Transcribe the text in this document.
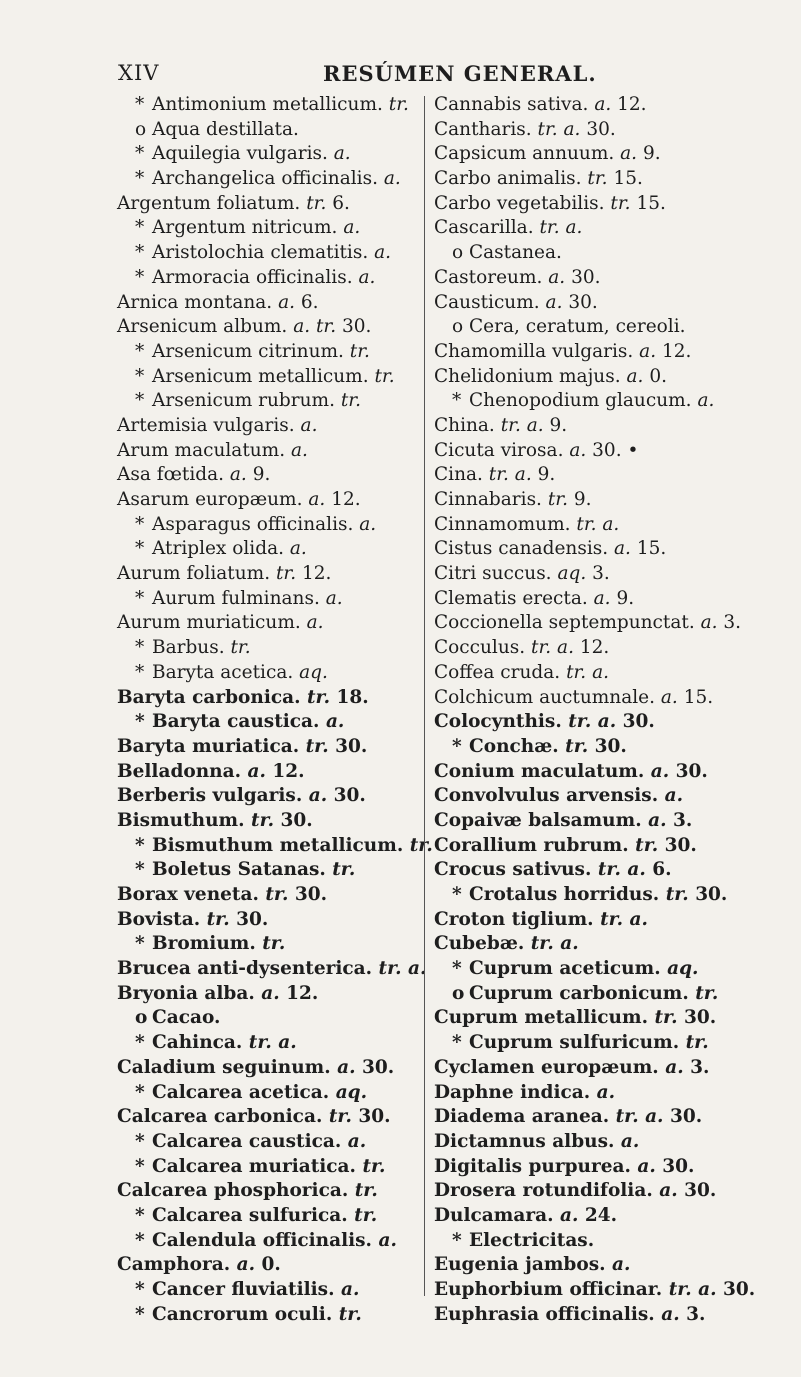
XIV	RESÚMEN GENERAL.
* Antimonium metallicum. tr.
o Aqua destillata.
* Aquilegia vulgaris. a.
* Archangelica officinalis. a.
Argentum foliatum. tr. 6.
* Argentum nitricum. a.
* Aristolochia clematitis. a.
* Armoracia officinalis. a.
Arnica montana. a. 6.
Arsenicum album. a. tr. 30.
* Arsenicum citrinum. tr.
* Arsenicum metallicum. tr.
* Arsenicum rubrum. tr.
Artemisia vulgaris. a.
Arum maculatum. a.
Asa fœtida. a. 9.
Asarum europæum. a. 12.
* Asparagus officinalis. a.
* Atriplex olida. a.
Aurum foliatum. tr. 12.
* Aurum fulminans. a.
Aurum muriaticum. a.
* Barbus. tr.
* Baryta acetica. aq.
Baryta carbonica. tr. 18.
* Baryta caustica. a.
Baryta muriatica. tr. 30.
Belladonna. a. 12.
Berberis vulgaris. a. 30.
Bismuthum. tr. 30.
* Bismuthum metallicum. tr.
* Boletus Satanas. tr.
Borax veneta. tr. 30.
Bovista. tr. 30.
* Bromium. tr.
Brucea anti-dysenterica. tr. a.
Bryonia alba. a. 12.
o Cacao.
* Cahinca. tr. a.
Caladium seguinum. a. 30.
* Calcarea acetica. aq.
Calcarea carbonica. tr. 30.
* Calcarea caustica. a.
* Calcarea muriatica. tr.
Calcarea phosphorica. tr.
* Calcarea sulfurica. tr.
* Calendula officinalis. a.
Camphora. a. 0.
* Cancer fluviatilis. a.
* Cancrorum oculi. tr.
Cannabis sativa. a. 12.
Cantharis. tr. a. 30.
Capsicum annuum. a. 9.
Carbo animalis. tr. 15.
Carbo vegetabilis. tr. 15.
Cascarilla. tr. a.
o Castanea.
Castoreum. a. 30.
Causticum. a. 30.
o Cera, ceratum, cereoli.
Chamomilla vulgaris. a. 12.
Chelidonium majus. a. 0.
* Chenopodium glaucum. a.
China. tr. a. 9.
Cicuta virosa. a. 30. •
Cina. tr. a. 9.
Cinnabaris. tr. 9.
Cinnamomum. tr. a.
Cistus canadensis. a. 15.
Citri succus. aq. 3.
Clematis erecta. a. 9.
Coccionella septempunctat. a. 3.
Cocculus. tr. a. 12.
Coffea cruda. tr. a.
Colchicum auctumnale. a. 15.
Colocynthis. tr. a. 30.
* Conchæ. tr. 30.
Conium maculatum. a. 30.
Convolvulus arvensis. a.
Copaivæ balsamum. a. 3.
Corallium rubrum. tr. 30.
Crocus sativus. tr. a. 6.
* Crotalus horridus. tr. 30.
Croton tiglium. tr. a.
Cubebæ. tr. a.
* Cuprum aceticum. aq.
o Cuprum carbonicum. tr.
Cuprum metallicum. tr. 30.
* Cuprum sulfuricum. tr.
Cyclamen europæum. a. 3.
Daphne indica. a.
Diadema aranea. tr. a. 30.
Dictamnus albus. a.
Digitalis purpurea. a. 30.
Drosera rotundifolia. a. 30.
Dulcamara. a. 24.
* Electricitas.
Eugenia jambos. a.
Euphorbium officinar. tr. a. 30.
Euphrasia officinalis. a. 3.
